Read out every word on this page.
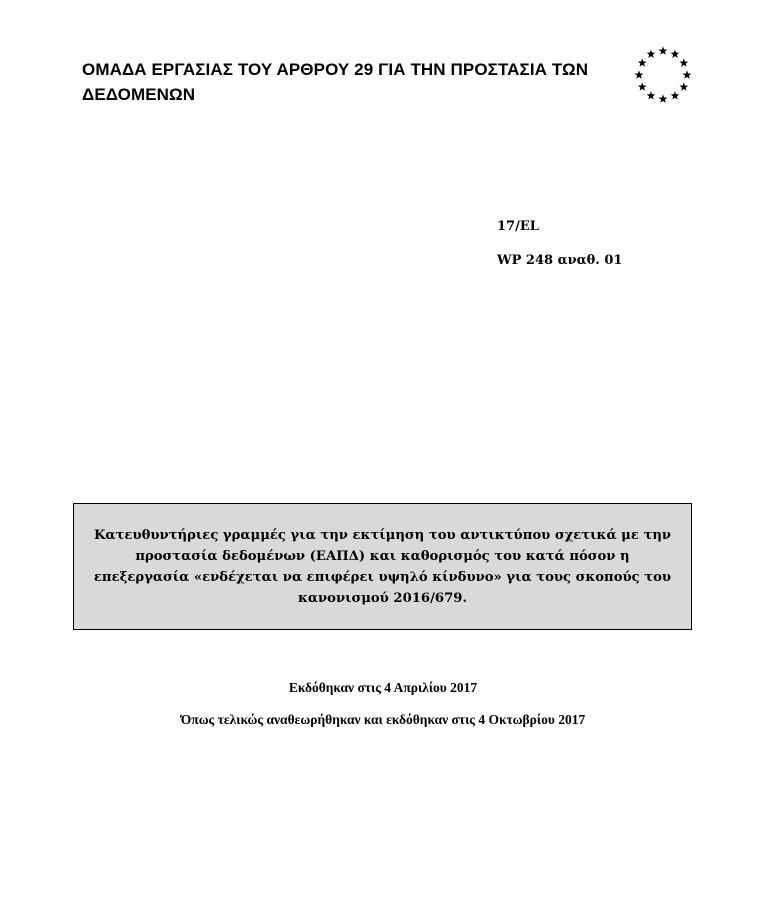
ΟΜΑΔΑ ΕΡΓΑΣΙΑΣ ΤΟΥ ΑΡΘΡΟΥ 29 ΓΙΑ ΤΗΝ ΠΡΟΣΤΑΣΙΑ ΤΩΝ ΔΕΔΟΜΕΝΩΝ

17/EL

WP 248 αναθ. 01

Κατευθυντήριες γραμμές για την εκτίμηση του αντικτύπου σχετικά με την προστασία δεδομένων (ΕΑΠΔ) και καθορισμός του κατά πόσον η επεξεργασία «ενδέχεται να επιφέρει υψηλό κίνδυνο» για τους σκοπούς του κανονισμού 2016/679.

Εκδόθηκαν στις 4 Απριλίου 2017

Όπως τελικώς αναθεωρήθηκαν και εκδόθηκαν στις 4 Οκτωβρίου 2017
